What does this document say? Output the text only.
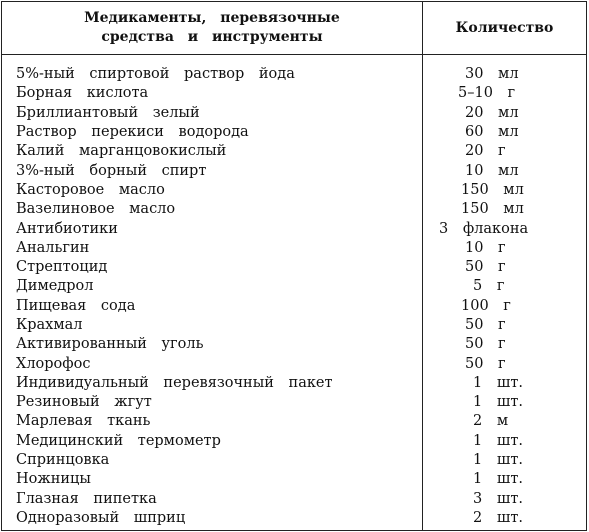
Медикаменты, перевязочные
средства и инструменты	Количество

5%-ный спиртовой раствор йода	30 мл
Борная кислота	5–10 г
Бриллиантовый зелый	20 мл
Раствор перекиси водорода	60 мл
Калий марганцовокислый	20 г
3%-ный борный спирт	10 мл
Касторовое масло	150 мл
Вазелиновое масло	150 мл
Антибиотики	3 флакона
Анальгин	10 г
Стрептоцид	50 г
Димедрол	5 г
Пищевая сода	100 г
Крахмал	50 г
Активированный уголь	50 г
Хлорофос	50 г
Индивидуальный перевязочный пакет	1 шт.
Резиновый жгут	1 шт.
Марлевая ткань	2 м
Медицинский термометр	1 шт.
Спринцовка	1 шт.
Ножницы	1 шт.
Глазная пипетка	3 шт.
Одноразовый шприц	2 шт.
